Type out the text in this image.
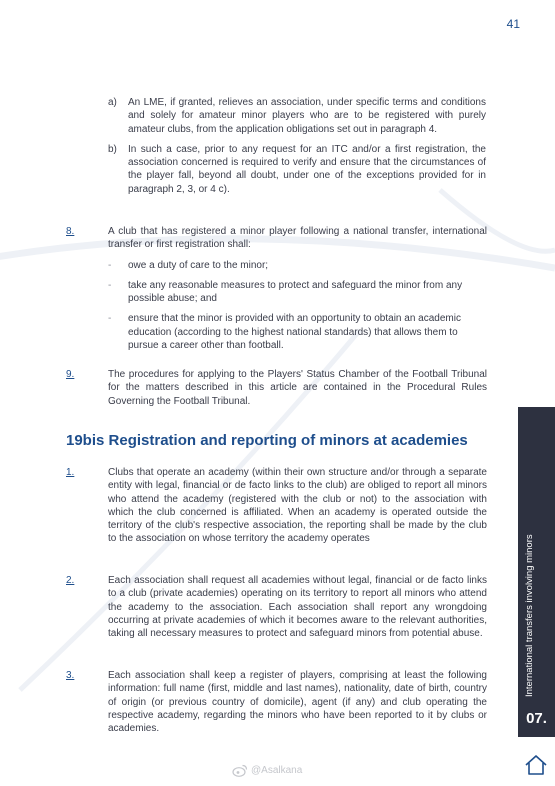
41
a)	An LME, if granted, relieves an association, under specific terms and conditions and solely for amateur minor players who are to be registered with purely amateur clubs, from the application obligations set out in paragraph 4.
b)	In such a case, prior to any request for an ITC and/or a first registration, the association concerned is required to verify and ensure that the circumstances of the player fall, beyond all doubt, under one of the exceptions provided for in paragraph 2, 3, or 4 c).
8.	A club that has registered a minor player following a national transfer, international transfer or first registration shall:
-	owe a duty of care to the minor;
-	take any reasonable measures to protect and safeguard the minor from any possible abuse; and
-	ensure that the minor is provided with an opportunity to obtain an academic education (according to the highest national standards) that allows them to pursue a career other than football.
9.	The procedures for applying to the Players' Status Chamber of the Football Tribunal for the matters described in this article are contained in the Procedural Rules Governing the Football Tribunal.
19bis Registration and reporting of minors at academies
1.	Clubs that operate an academy (within their own structure and/or through a separate entity with legal, financial or de facto links to the club) are obliged to report all minors who attend the academy (registered with the club or not) to the association with which the club concerned is affiliated. When an academy is operated outside the territory of the club's respective association, the reporting shall be made by the club to the association on whose territory the academy operates
2.	Each association shall request all academies without legal, financial or de facto links to a club (private academies) operating on its territory to report all minors who attend the academy to the association. Each association shall report any wrongdoing occurring at private academies of which it becomes aware to the relevant authorities, taking all necessary measures to protect and safeguard minors from potential abuse.
3.	Each association shall keep a register of players, comprising at least the following information: full name (first, middle and last names), nationality, date of birth, country of origin (or previous country of domicile), agent (if any) and club operating the respective academy, regarding the minors who have been reported to it by clubs or academies.
International transfers involving minors
07.
@Asalkana
